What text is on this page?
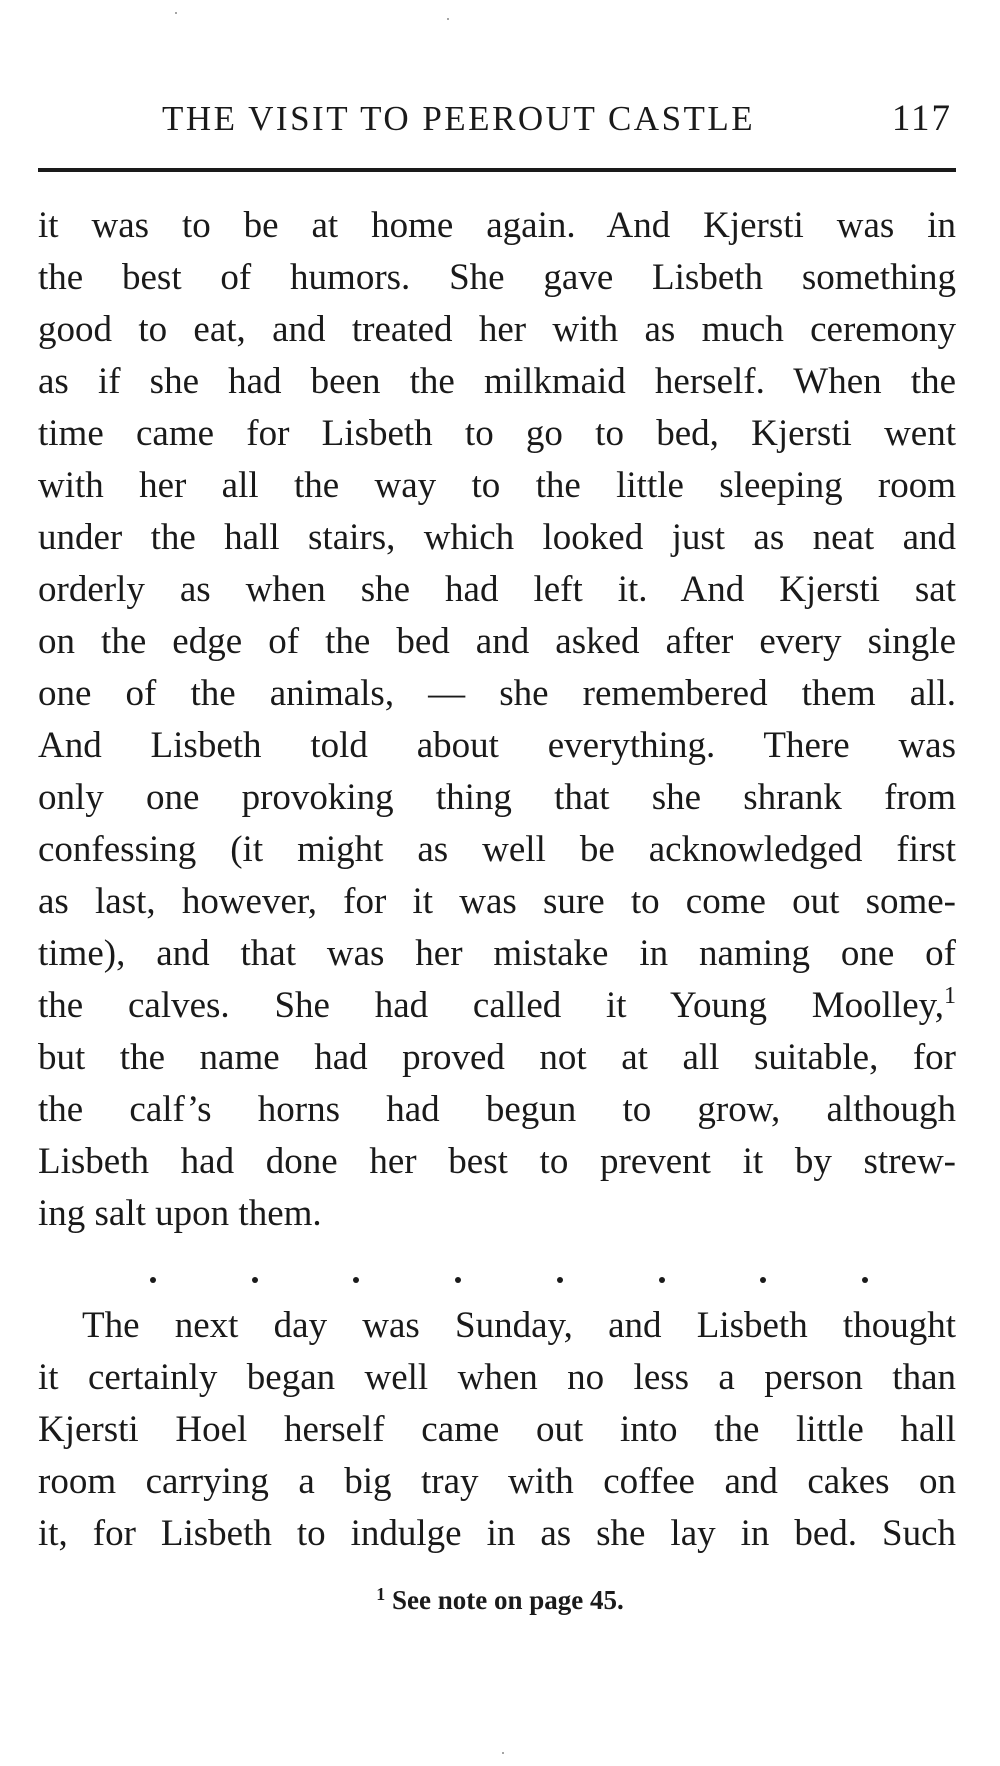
THE VISIT TO PEEROUT CASTLE	117
it was to be at home again. And Kjersti was in
the best of humors. She gave Lisbeth something
good to eat, and treated her with as much ceremony
as if she had been the milkmaid herself. When the
time came for Lisbeth to go to bed, Kjersti went
with her all the way to the little sleeping room
under the hall stairs, which looked just as neat and
orderly as when she had left it. And Kjersti sat
on the edge of the bed and asked after every single
one of the animals, — she remembered them all.
And Lisbeth told about everything. There was
only one provoking thing that she shrank from
confessing (it might as well be acknowledged first
as last, however, for it was sure to come out some-
time), and that was her mistake in naming one of
the calves. She had called it Young Moolley,$^1$
but the name had proved not at all suitable, for
the calf’s horns had begun to grow, although
Lisbeth had done her best to prevent it by strew-
ing salt upon them.
The next day was Sunday, and Lisbeth thought
it certainly began well when no less a person than
Kjersti Hoel herself came out into the little hall
room carrying a big tray with coffee and cakes on
it, for Lisbeth to indulge in as she lay in bed. Such
$^1$ See note on page 45.
